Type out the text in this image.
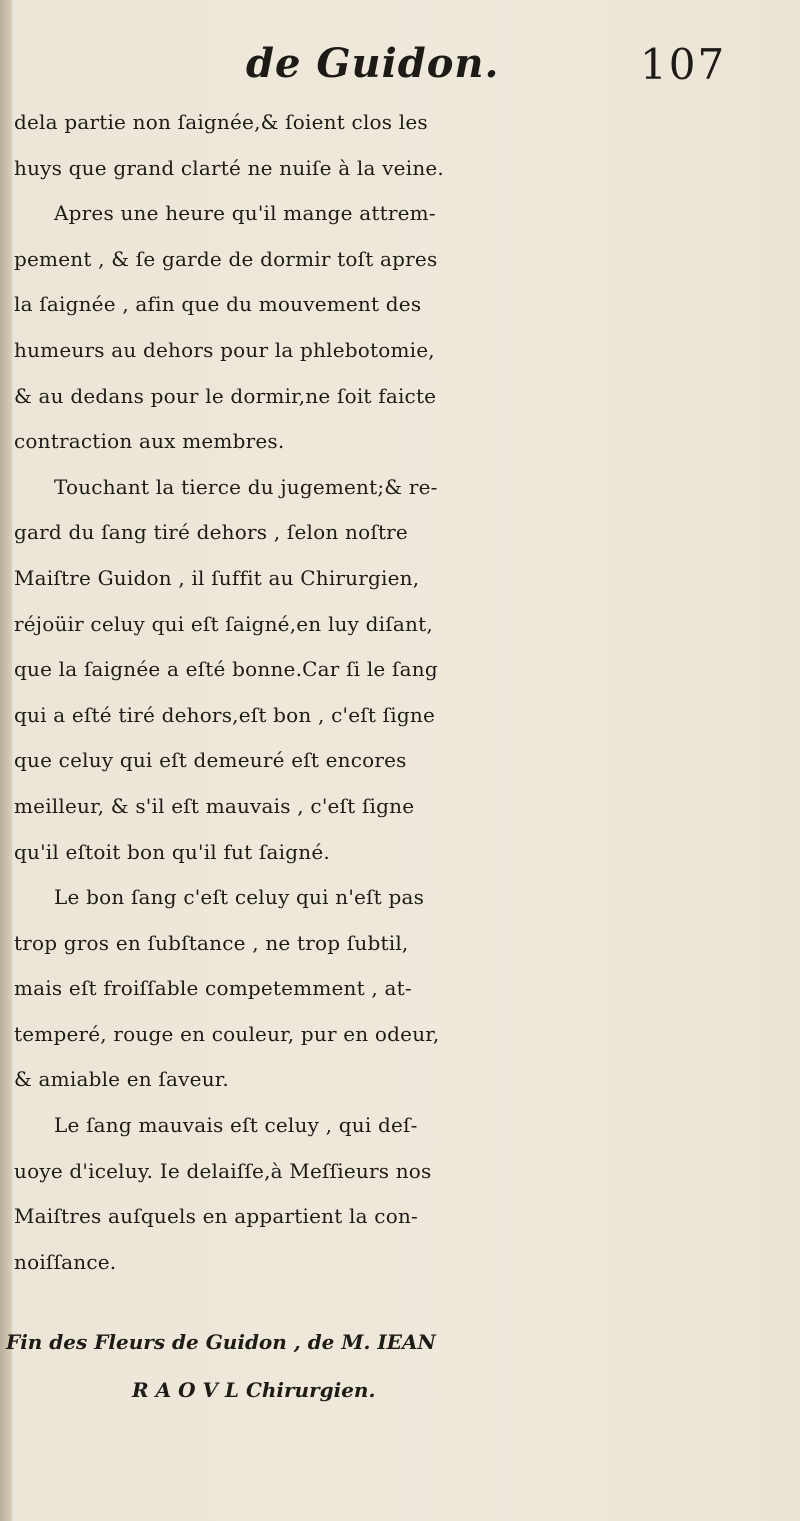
de Guidon.	107
dela partie non ſaignée,& ſoient clos les
huys que grand clarté ne nuiſe à la veine.
Apres une heure qu'il mange attrem-
pement , & ſe garde de dormir toſt apres
la ſaignée , afin que du mouvement des
humeurs au dehors pour la phlebotomie,
& au dedans pour le dormir,ne ſoit faicte
contraction aux membres.
Touchant la tierce du jugement;& re-
gard du ſang tiré dehors , ſelon noſtre
Maiſtre Guidon , il ſuffit au Chirurgien,
réjoüir celuy qui eſt ſaigné,en luy diſant,
que la ſaignée a eſté bonne.Car ſi le ſang
qui a eſté tiré dehors,eſt bon , c'eſt ſigne
que celuy qui eſt demeuré eſt encores
meilleur, & s'il eſt mauvais , c'eſt ſigne
qu'il eſtoit bon qu'il fut ſaigné.
Le bon ſang c'eſt celuy qui n'eſt pas
trop gros en ſubſtance , ne trop ſubtil,
mais eſt froiſſable competemment , at-
temperé, rouge en couleur, pur en odeur,
& amiable en ſaveur.
Le ſang mauvais eſt celuy , qui deſ-
uoye d'iceluy. Ie delaiſſe,à Meſſieurs nos
Maiſtres auſquels en appartient la con-
noiſſance.
Fin des Fleurs de Guidon , de M. IEAN
R A O V L Chirurgien.
